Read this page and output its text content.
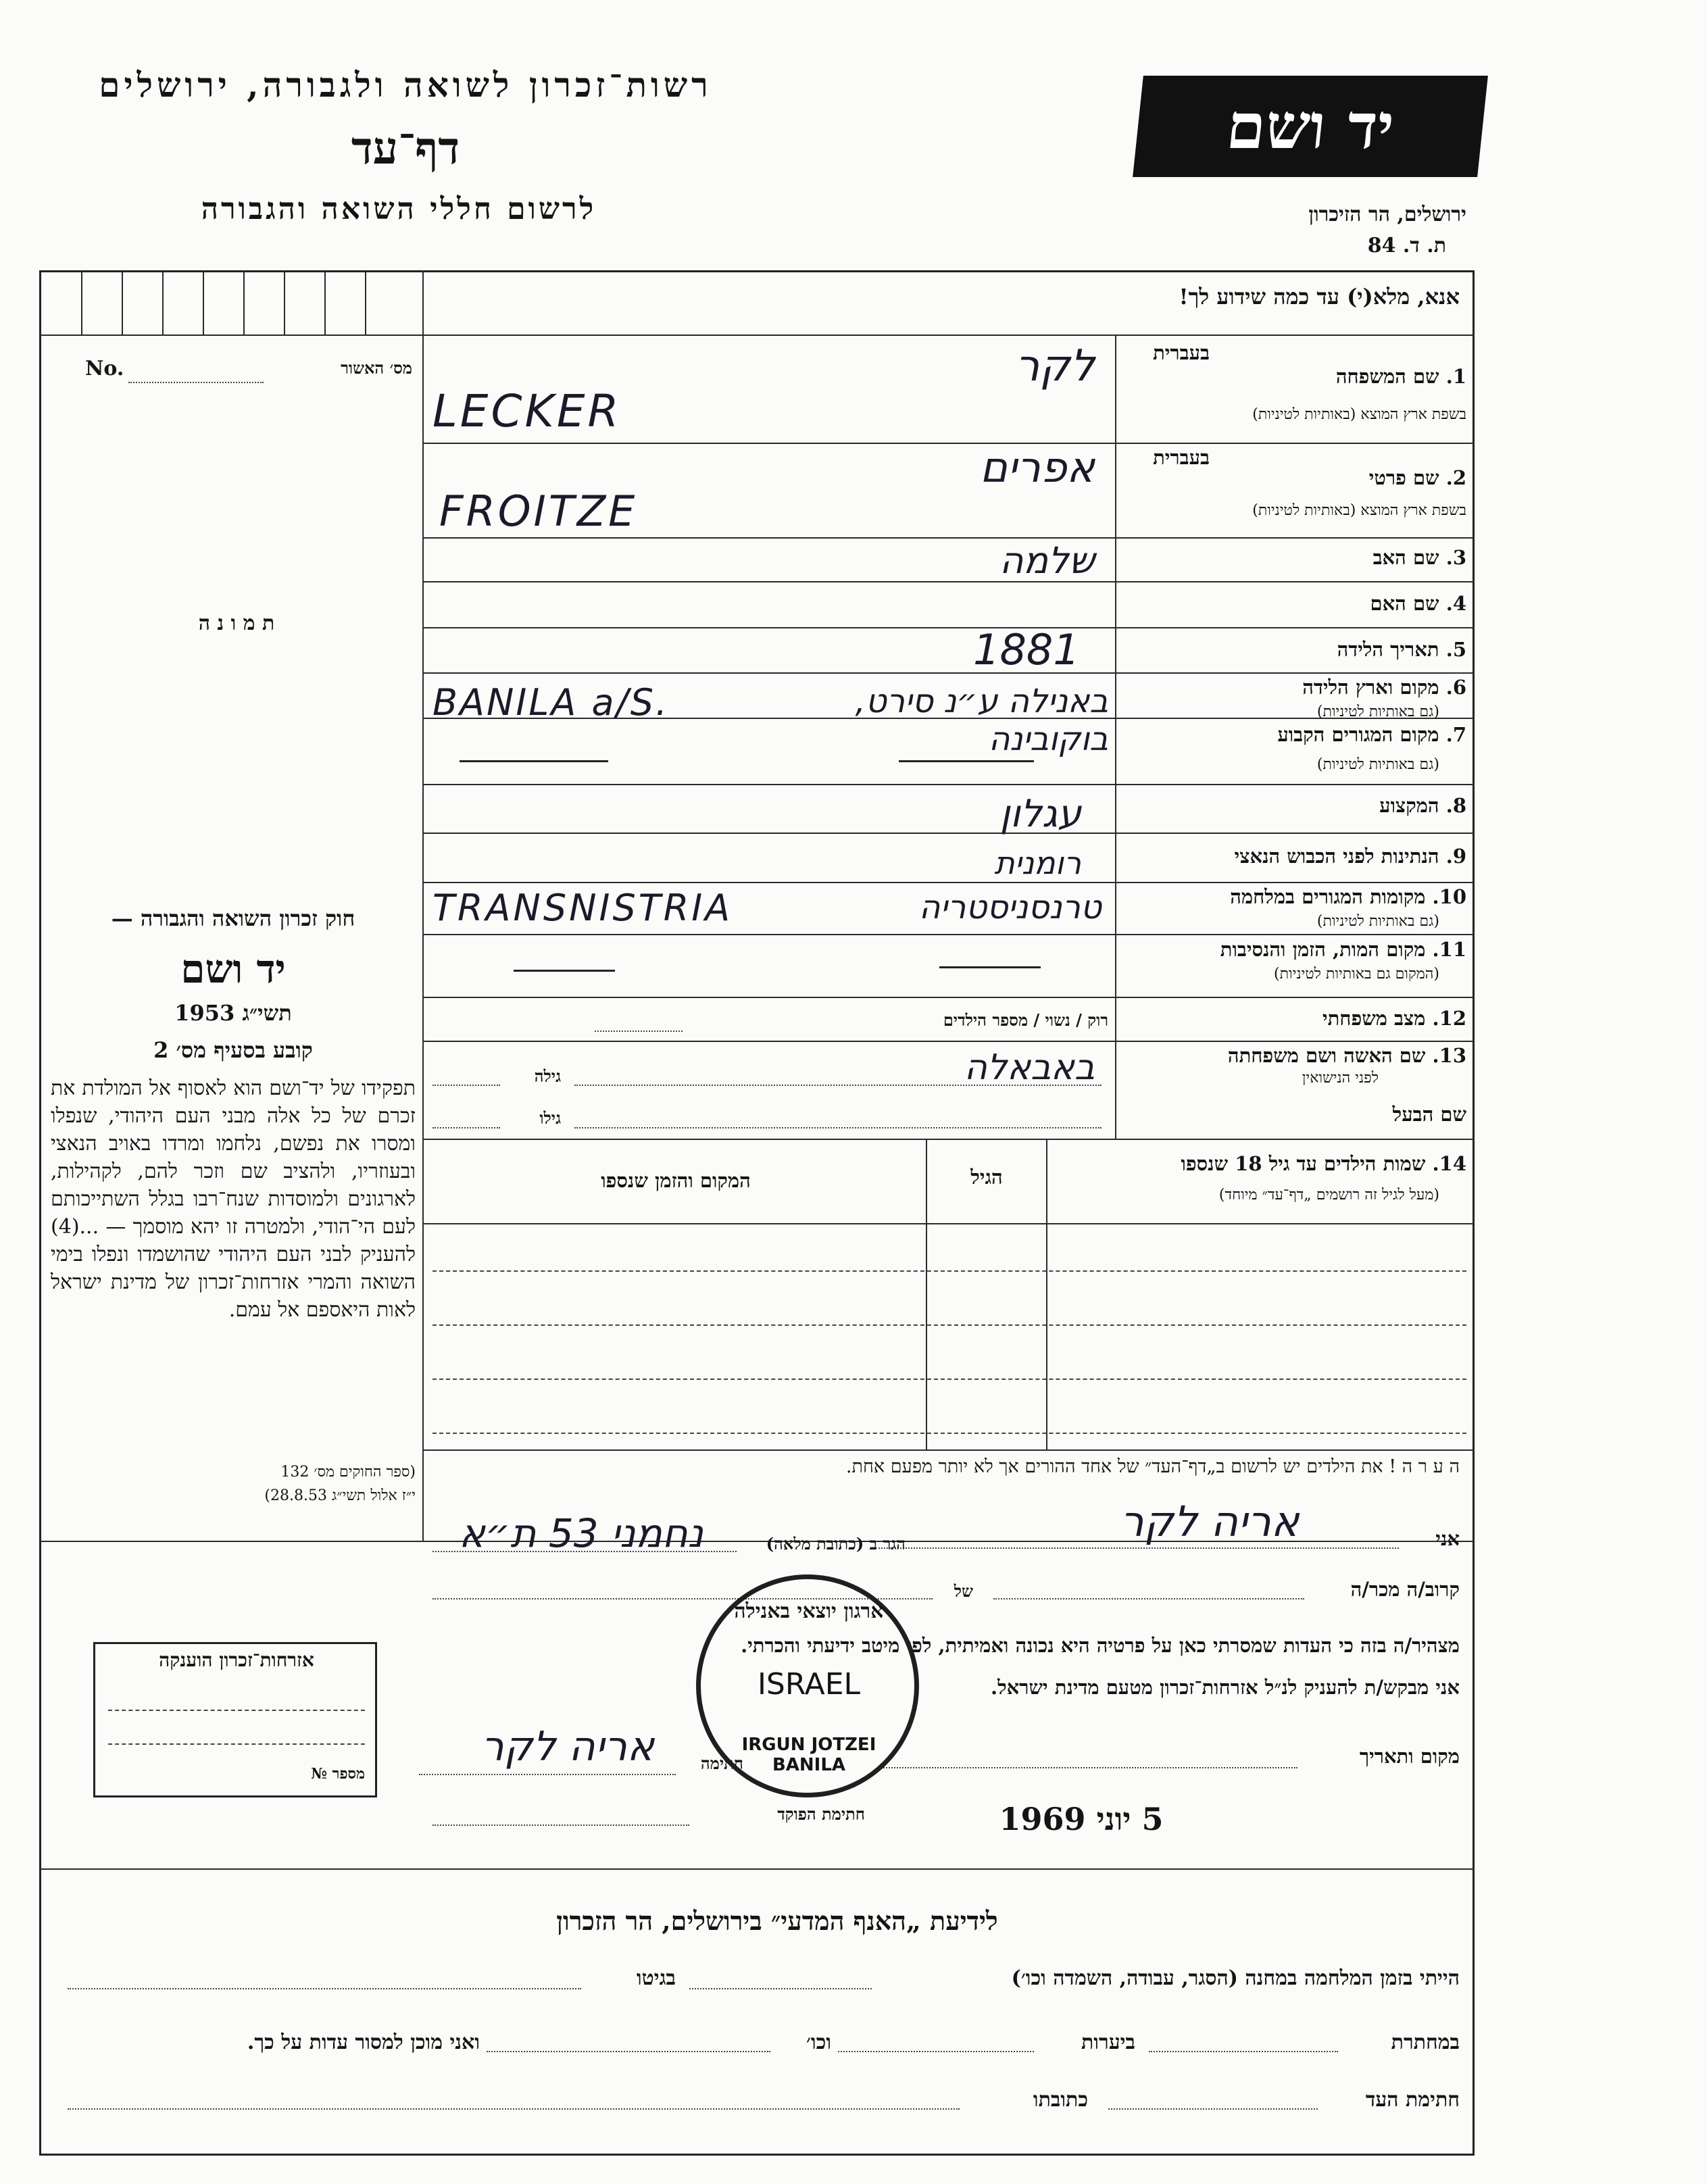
רשות־זכרון לשואה ולגבורה, ירושלים
דף־עד
לרשום חללי השואה והגבורה
יד ושם
ירושלים, הר הזיכרון
ת. ד. 84
אנא, מלא(י) עד כמה שידוע לך!
מס׳ האשור
No.
ת מ ו נ ה
1. שם המשפחה
בעברית
בשפת ארץ המוצא (באותיות לטיניות)
לקר
LECKER
בעברית
2. שם פרטי
בשפת ארץ המוצא (באותיות לטיניות)
אפרים
FROITZE
3. שם האב
שלמה
4. שם האם
5. תאריך הלידה
1881
6. מקום וארץ הלידה
(גם באותיות לטיניות)
באנילה ע״נ סירט, בוקובינה
BANILA a/S.
7. מקום המגורים הקבוע
(גם באותיות לטיניות)
8. המקצוע
עגלון
9. הנתינות לפני הכבוש הנאצי
רומנית
10. מקומות המגורים במלחמה
(גם באותיות לטיניות)
טרנסניסטריה
TRANSNISTRIA
11. מקום המות, הזמן והנסיבות
(המקום גם באותיות לטיניות)
12. מצב משפחתי
רוק / נשוי / מספר הילדים
13. שם האשה ושם משפחתה
לפני הנישואין
גילה	באבאלה
שם הבעל
גילו
14. שמות הילדים עד גיל 18 שנספו
(מעל לגיל זה רושמים „דף־עד״ מיוחד)
הגיל
המקום והזמן שנספו
ה ע ר ה ! את הילדים יש לרשום ב„דף־העד״ של אחד ההורים אך לא יותר מפעם אחת.
חוק זכרון השואה והגבורה —
יד ושם
תשי״ג 1953
קובע בסעיף מס׳ 2
תפקידו של יד־ושם הוא לאסוף אל המולדת את זכרם של כל אלה מבני העם היהודי, שנפלו ומסרו את נפשם, נלחמו ומרדו באויב הנאצי ובעוזריו, ולהציב שם וזכר להם, לקהילות, לארגונים ולמוסדות שנח־רבו בגלל השתייכותם לעם הי־הודי, ולמטרה זו יהא מוסמך — ...(4) להעניק לבני העם היהודי שהושמדו ונפלו בימי השואה והמרי אזרחות־זכרון של מדינת ישראל לאות היאספם אל עמם.
(ספר החוקים מס׳ 132
י״ז אלול תשי״ג 28.8.53)
אני
אריה לקר
הגר ב (כתובת מלאה)
נחמני 53 ת״א
קרוב/ה מכר/ה
של
מצהיר/ה בזה כי העדות שמסרתי כאן על פרטיה היא נכונה ואמיתית, לפי מיטב ידיעתי והכרתי.
אני מבקש/ת להעניק לנ״ל אזרחות־זכרון מטעם מדינת ישראל.
מקום ותאריך
חתימה
אריה לקר
חתימת הפוקד	5 יוני 1969
ארגון יוצאי באנילה
ISRAEL
IRGUN JOTZEI BANILA
אזרחות־זכרון הוענקה
מספר №
לידיעת „האנף המדעי״ בירושלים, הר הזכרון
הייתי בזמן המלחמה במחנה (הסגר, עבודה, השמדה וכו׳)
בגיטו
במחתרת
ביערות
וכו׳
ואני מוכן למסור עדות על כך.
חתימת העד
כתובתו
